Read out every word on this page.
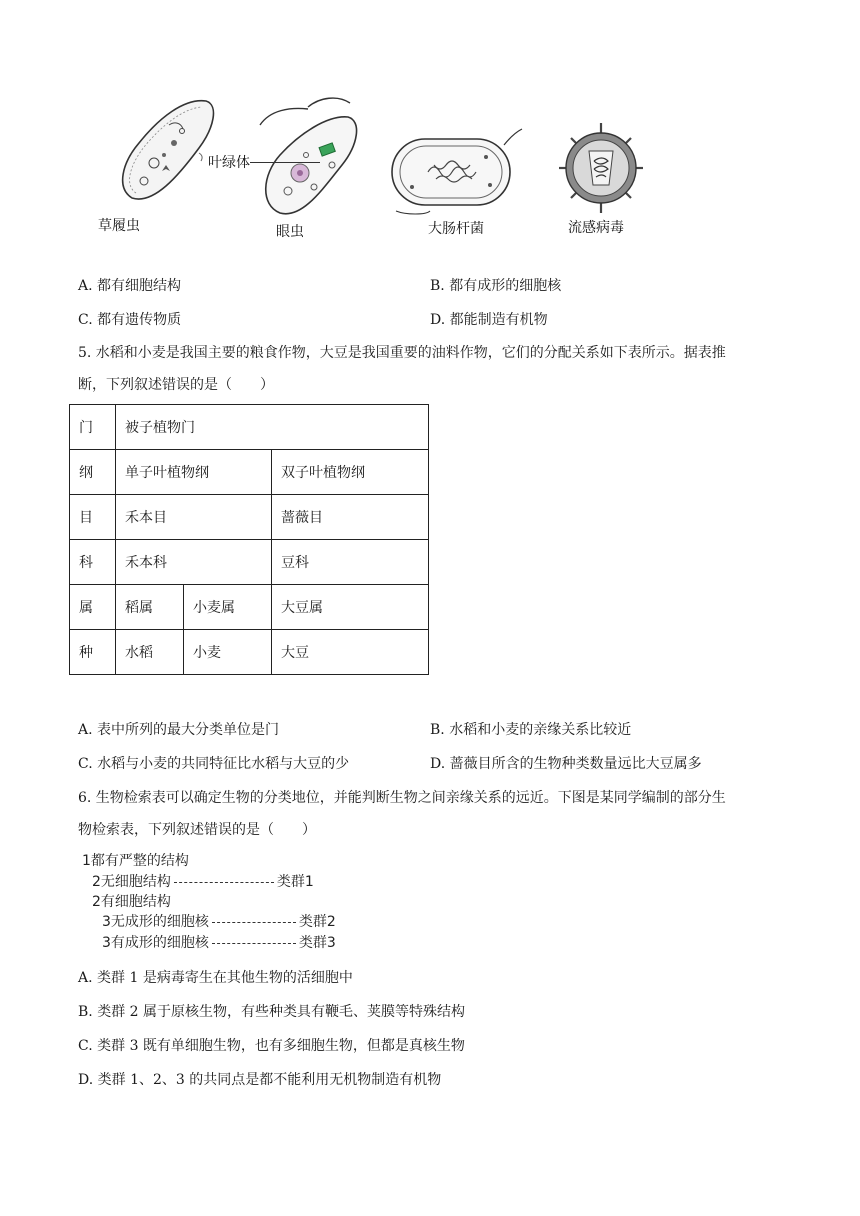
草履虫
叶绿体
眼虫	大肠杆菌	流感病毒
A. 都有细胞结构	B. 都有成形的细胞核
C. 都有遗传物质	D. 都能制造有机物
5. 水稻和小麦是我国主要的粮食作物，大豆是我国重要的油料作物，它们的分配关系如下表所示。据表推
断，下列叙述错误的是（　　）
门	被子植物门		
纲	单子叶植物纲		双子叶植物纲
目	禾本目		蔷薇目
科	禾本科		豆科
属	稻属	小麦属	大豆属
种	水稻	小麦	大豆
A. 表中所列的最大分类单位是门	B. 水稻和小麦的亲缘关系比较近
C. 水稻与小麦的共同特征比水稻与大豆的少	D. 蔷薇目所含的生物种类数量远比大豆属多
6. 生物检索表可以确定生物的分类地位，并能判断生物之间亲缘关系的远近。下图是某同学编制的部分生
物检索表，下列叙述错误的是（　　）
1都有严整的结构
2无细胞结构	类群1
2有细胞结构
3无成形的细胞核	类群2
3有成形的细胞核	类群3
A. 类群 1 是病毒寄生在其他生物的活细胞中
B. 类群 2 属于原核生物，有些种类具有鞭毛、荚膜等特殊结构
C. 类群 3 既有单细胞生物，也有多细胞生物，但都是真核生物
D. 类群 1、2、3 的共同点是都不能利用无机物制造有机物
